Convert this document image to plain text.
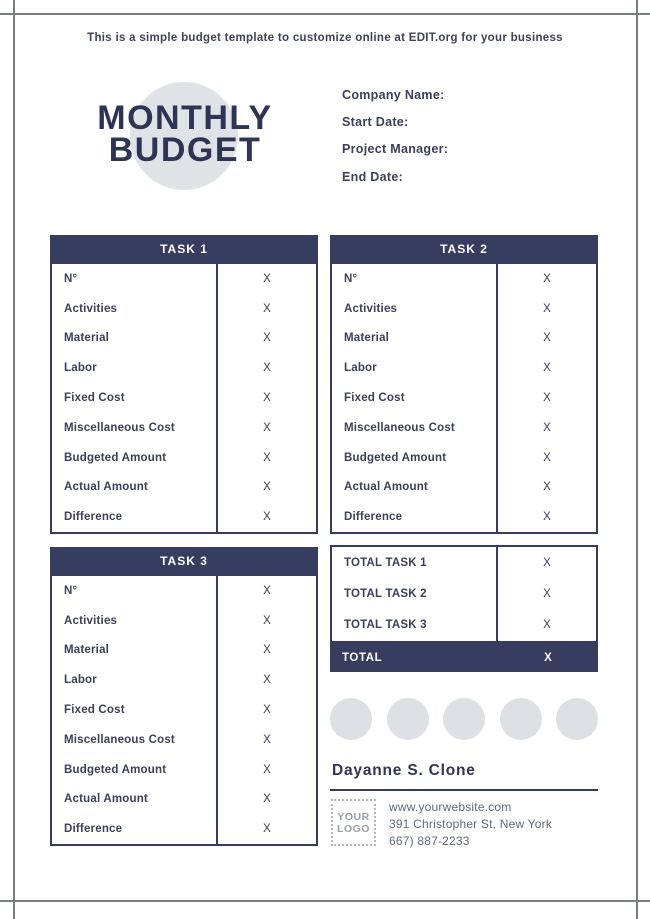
This is a simple budget template to customize online at EDIT.org for your business
MONTHLY
BUDGET
Company Name:
Start Date:
Project Manager:
End Date:
TASK 1
N°	X
Activities	X
Material	X
Labor	X
Fixed Cost	X
Miscellaneous Cost	X
Budgeted Amount	X
Actual Amount	X
Difference	X
TASK 2
N°	X
Activities	X
Material	X
Labor	X
Fixed Cost	X
Miscellaneous Cost	X
Budgeted Amount	X
Actual Amount	X
Difference	X
TASK 3
N°	X
Activities	X
Material	X
Labor	X
Fixed Cost	X
Miscellaneous Cost	X
Budgeted Amount	X
Actual Amount	X
Difference	X
TOTAL TASK 1	X
TOTAL TASK 2	X
TOTAL TASK 3	X
TOTAL	X
Dayanne S. Clone
YOUR
LOGO
www.yourwebsite.com
391 Christopher St, New York
667) 887-2233
